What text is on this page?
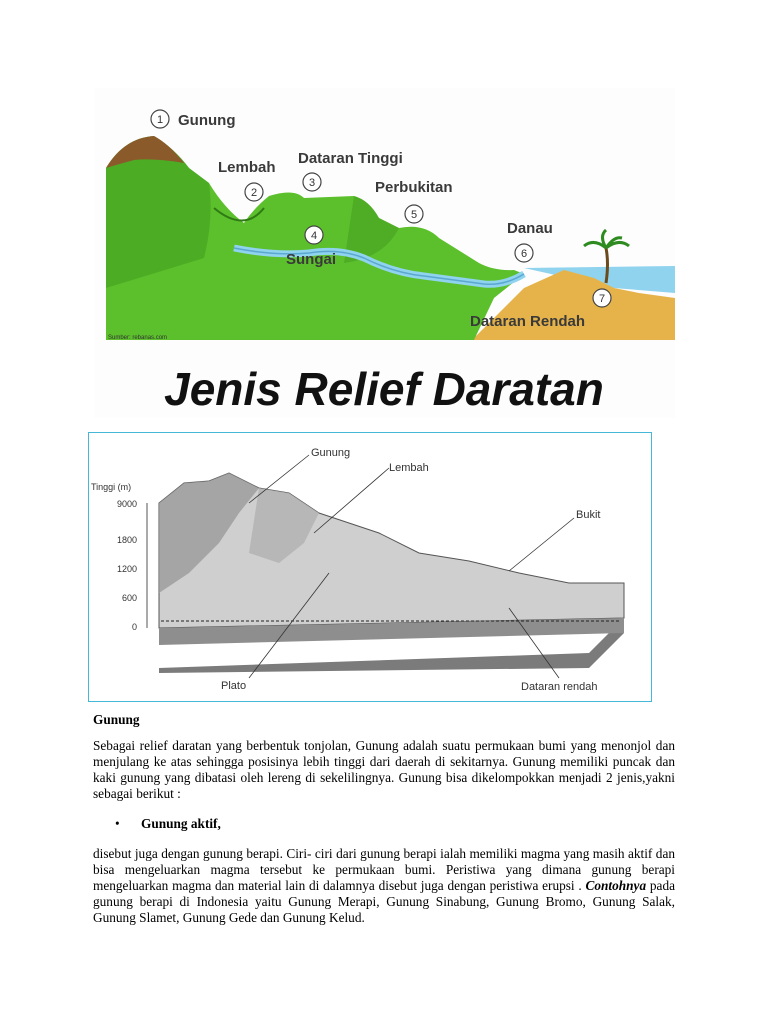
1 Gunung
Lembah
2
Dataran Tinggi
3
4
Sungai
Perbukitan
5
Danau
6
7
Dataran Rendah
Sumber: rebanas.com
Jenis Relief Daratan
Tinggi (m)
9000
1800
1200
600
0
Gunung
Lembah
Bukit
Plato	Dataran rendah

Gunung

Sebagai relief daratan yang berbentuk tonjolan, Gunung adalah suatu permukaan bumi yang menonjol dan menjulang ke atas sehingga posisinya lebih tinggi dari daerah di sekitarnya. Gunung memiliki puncak dan kaki gunung yang dibatasi oleh lereng di sekelilingnya. Gunung bisa dikelompokkan menjadi 2 jenis,yakni sebagai berikut :

• Gunung aktif,

disebut juga dengan gunung berapi. Ciri- ciri dari gunung berapi ialah memiliki magma yang masih aktif dan bisa mengeluarkan magma tersebut ke permukaan bumi. Peristiwa yang dimana gunung berapi mengeluarkan magma dan material lain di dalamnya disebut juga dengan peristiwa erupsi . Contohnya pada gunung berapi di Indonesia yaitu Gunung Merapi, Gunung Sinabung, Gunung Bromo, Gunung Salak, Gunung Slamet, Gunung Gede dan Gunung Kelud.
